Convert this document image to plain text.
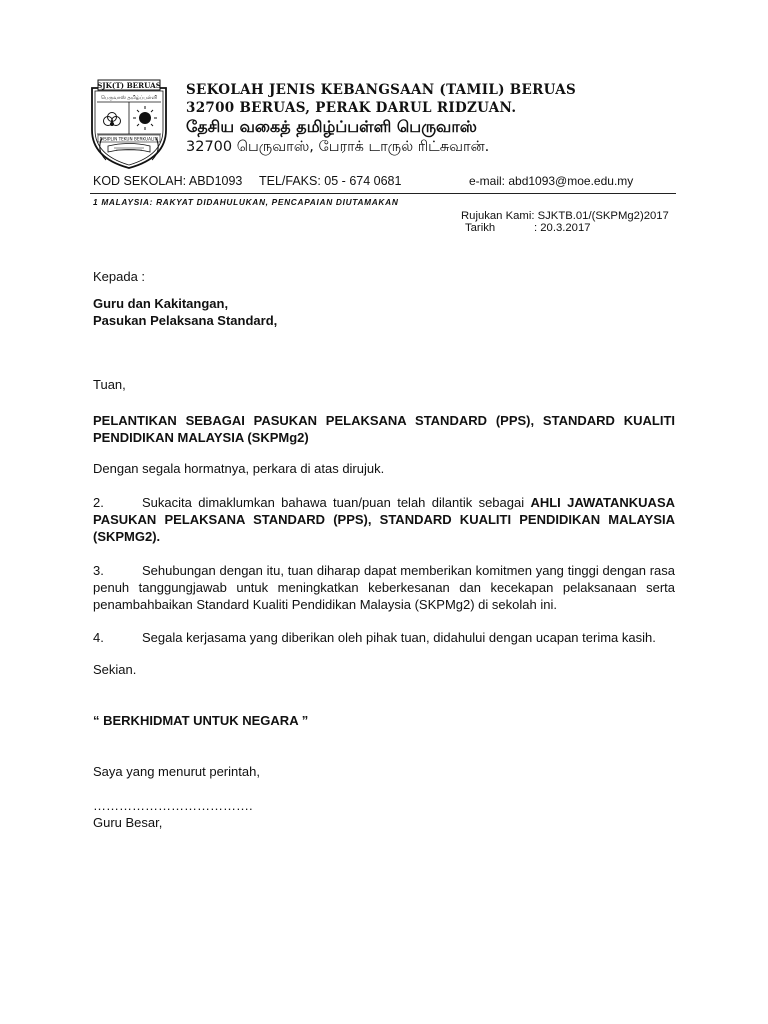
SJK(T) BERUAS
பெருவாஸ் தமிழ்ப்பள்ளி
DISIPLIN TEKUN BERKUALITI
SEKOLAH JENIS KEBANGSAAN (TAMIL) BERUAS
32700 BERUAS, PERAK DARUL RIDZUAN.
தேசிய வகைத் தமிழ்ப்பள்ளி பெருவாஸ்
32700 பெருவாஸ், பேராக் டாருல் ரிட்சுவான்.
KOD SEKOLAH: ABD1093 TEL/FAKS: 05 - 674 0681	e-mail: abd1093@moe.edu.my
1 MALAYSIA: RAKYAT DIDAHULUKAN, PENCAPAIAN DIUTAMAKAN
Rujukan Kami: SJKTB.01/(SKPMg2)2017
Tarikh	: 20.3.2017
Kepada :
Guru dan Kakitangan,
Pasukan Pelaksana Standard,
Tuan,
PELANTIKAN SEBAGAI PASUKAN PELAKSANA STANDARD (PPS), STANDARD KUALITI PENDIDIKAN MALAYSIA (SKPMg2)
Dengan segala hormatnya, perkara di atas dirujuk.
2.	Sukacita dimaklumkan bahawa tuan/puan telah dilantik sebagai AHLI JAWATANKUASA PASUKAN PELAKSANA STANDARD (PPS), STANDARD KUALITI PENDIDIKAN MALAYSIA (SKPMG2).
3.	Sehubungan dengan itu, tuan diharap dapat memberikan komitmen yang tinggi dengan rasa penuh tanggungjawab untuk meningkatkan keberkesanan dan kecekapan pelaksanaan serta penambahbaikan Standard Kualiti Pendidikan Malaysia (SKPMg2) di sekolah ini.
4.	Segala kerjasama yang diberikan oleh pihak tuan, didahului dengan ucapan terima kasih.
Sekian.
“ BERKHIDMAT UNTUK NEGARA ”
Saya yang menurut perintah,
……………………………….
Guru Besar,
